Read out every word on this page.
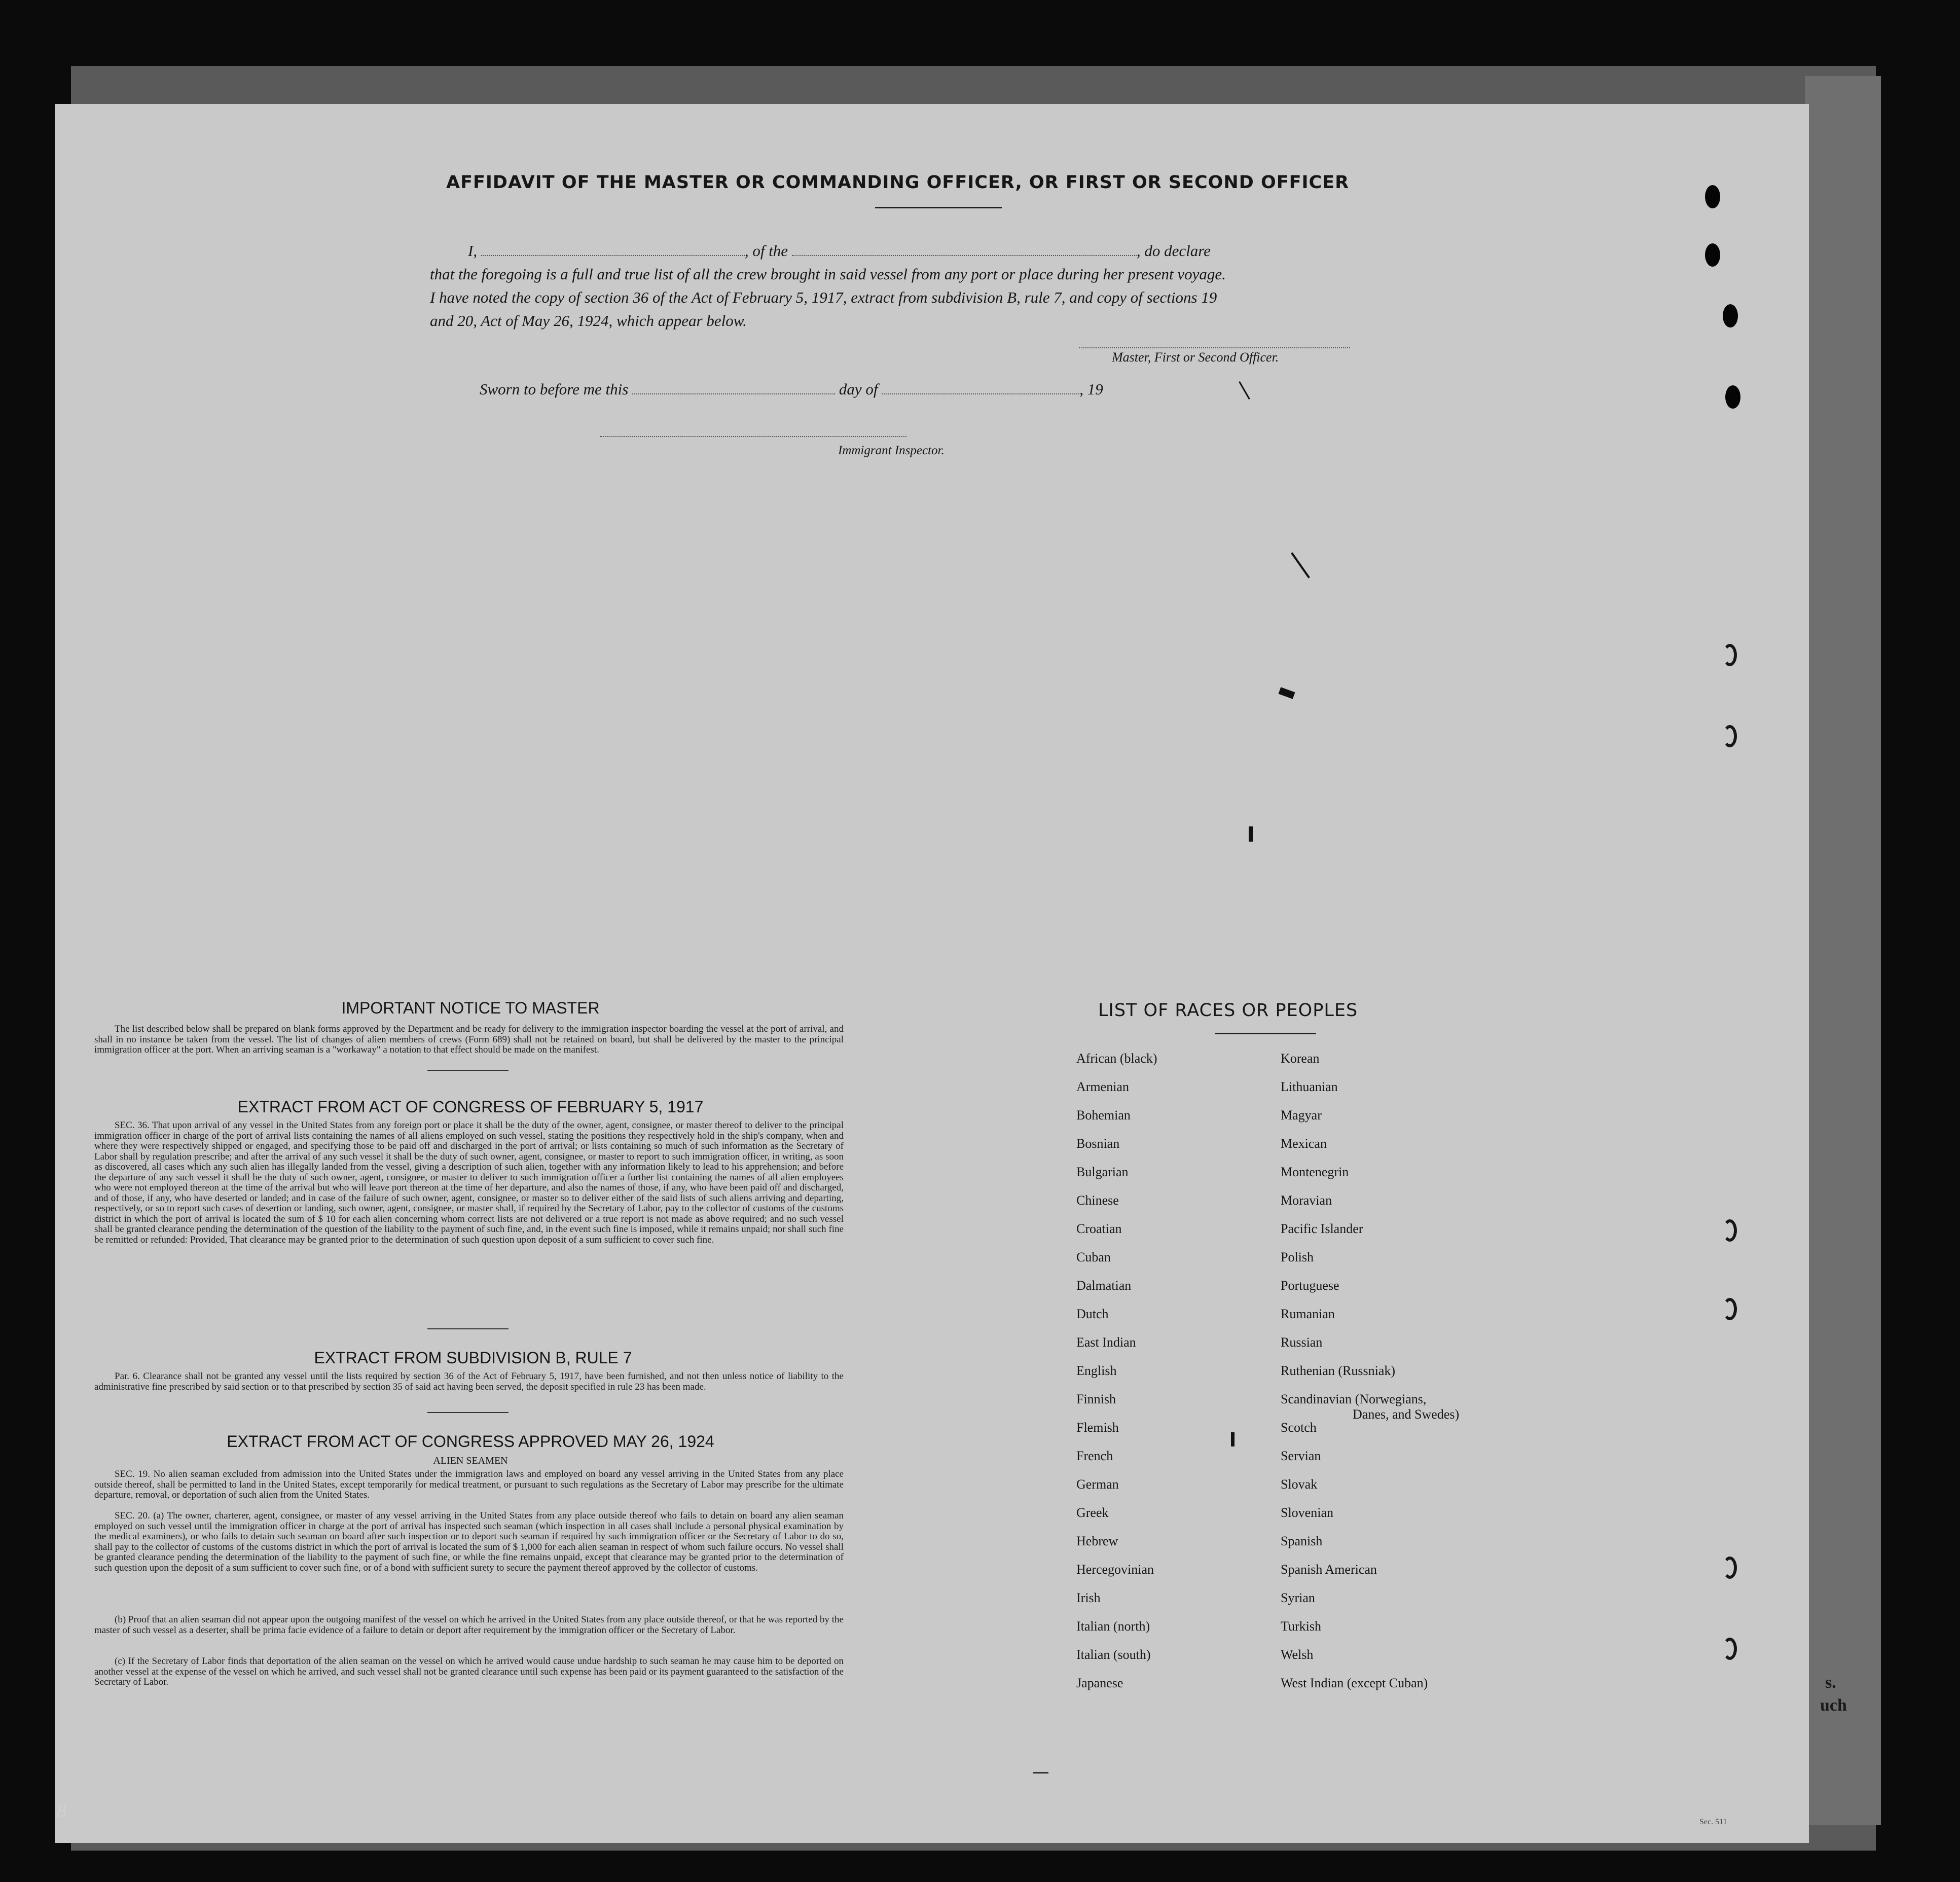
s.
uch
AFFIDAVIT OF THE MASTER OR COMMANDING OFFICER, OR FIRST OR SECOND OFFICER
I,	, of the	, do declare
that the foregoing is a full and true list of all the crew brought in said vessel from any port or place during her present voyage.
I have noted the copy of section 36 of the Act of February 5, 1917, extract from subdivision B, rule 7, and copy of sections 19
and 20, Act of May 26, 1924, which appear below.
Master, First or Second Officer.
Sworn to before me this	day of	, 19
Immigrant Inspector.
IMPORTANT NOTICE TO MASTER
The list described below shall be prepared on blank forms approved by the Department and be ready for delivery to the immigration inspector boarding the vessel at the port of arrival, and shall in no instance be taken from the vessel. The list of changes of alien members of crews (Form 689) shall not be retained on board, but shall be delivered by the master to the principal immigration officer at the port. When an arriving seaman is a "workaway" a notation to that effect should be made on the manifest.
EXTRACT FROM ACT OF CONGRESS OF FEBRUARY 5, 1917
SEC. 36. That upon arrival of any vessel in the United States from any foreign port or place it shall be the duty of the owner, agent, consignee, or master thereof to deliver to the principal immigration officer in charge of the port of arrival lists containing the names of all aliens employed on such vessel, stating the positions they respectively hold in the ship's company, when and where they were respectively shipped or engaged, and specifying those to be paid off and discharged in the port of arrival; or lists containing so much of such information as the Secretary of Labor shall by regulation prescribe; and after the arrival of any such vessel it shall be the duty of such owner, agent, consignee, or master to report to such immigration officer, in writing, as soon as discovered, all cases which any such alien has illegally landed from the vessel, giving a description of such alien, together with any information likely to lead to his apprehension; and before the departure of any such vessel it shall be the duty of such owner, agent, consignee, or master to deliver to such immigration officer a further list containing the names of all alien employees who were not employed thereon at the time of the arrival but who will leave port thereon at the time of her departure, and also the names of those, if any, who have been paid off and discharged, and of those, if any, who have deserted or landed; and in case of the failure of such owner, agent, consignee, or master so to deliver either of the said lists of such aliens arriving and departing, respectively, or so to report such cases of desertion or landing, such owner, agent, consignee, or master shall, if required by the Secretary of Labor, pay to the collector of customs of the customs district in which the port of arrival is located the sum of $ 10 for each alien concerning whom correct lists are not delivered or a true report is not made as above required; and no such vessel shall be granted clearance pending the determination of the question of the liability to the payment of such fine, and, in the event such fine is imposed, while it remains unpaid; nor shall such fine be remitted or refunded: Provided, That clearance may be granted prior to the determination of such question upon deposit of a sum sufficient to cover such fine.
EXTRACT FROM SUBDIVISION B, RULE 7
Par. 6. Clearance shall not be granted any vessel until the lists required by section 36 of the Act of February 5, 1917, have been furnished, and not then unless notice of liability to the administrative fine prescribed by said section or to that prescribed by section 35 of said act having been served, the deposit specified in rule 23 has been made.
EXTRACT FROM ACT OF CONGRESS APPROVED MAY 26, 1924
ALIEN SEAMEN
SEC. 19. No alien seaman excluded from admission into the United States under the immigration laws and employed on board any vessel arriving in the United States from any place outside thereof, shall be permitted to land in the United States, except temporarily for medical treatment, or pursuant to such regulations as the Secretary of Labor may prescribe for the ultimate departure, removal, or deportation of such alien from the United States.
SEC. 20. (a) The owner, charterer, agent, consignee, or master of any vessel arriving in the United States from any place outside thereof who fails to detain on board any alien seaman employed on such vessel until the immigration officer in charge at the port of arrival has inspected such seaman (which inspection in all cases shall include a personal physical examination by the medical examiners), or who fails to detain such seaman on board after such inspection or to deport such seaman if required by such immigration officer or the Secretary of Labor to do so, shall pay to the collector of customs of the customs district in which the port of arrival is located the sum of $ 1,000 for each alien seaman in respect of whom such failure occurs. No vessel shall be granted clearance pending the determination of the liability to the payment of such fine, or while the fine remains unpaid, except that clearance may be granted prior to the determination of such question upon the deposit of a sum sufficient to cover such fine, or of a bond with sufficient surety to secure the payment thereof approved by the collector of customs.
(b) Proof that an alien seaman did not appear upon the outgoing manifest of the vessel on which he arrived in the United States from any place outside thereof, or that he was reported by the master of such vessel as a deserter, shall be prima facie evidence of a failure to detain or deport after requirement by the immigration officer or the Secretary of Labor.
(c) If the Secretary of Labor finds that deportation of the alien seaman on the vessel on which he arrived would cause undue hardship to such seaman he may cause him to be deported on another vessel at the expense of the vessel on which he arrived, and such vessel shall not be granted clearance until such expense has been paid or its payment guaranteed to the satisfaction of the Secretary of Labor.
LIST OF RACES OR PEOPLES
African (black)
Armenian
Bohemian
Bosnian
Bulgarian
Chinese
Croatian
Cuban
Dalmatian
Dutch
East Indian
English
Finnish
Flemish
French
German
Greek
Hebrew
Hercegovinian
Irish
Italian (north)
Italian (south)
Japanese
Korean
Lithuanian
Magyar
Mexican
Montenegrin
Moravian
Pacific Islander
Polish
Portuguese
Rumanian
Russian
Ruthenian (Russniak)
Scandinavian (Norwegians,
Danes, and Swedes)
Scotch
Servian
Slovak
Slovenian
Spanish
Spanish American
Syrian
Turkish
Welsh
West Indian (except Cuban)
8
Sec. 511
